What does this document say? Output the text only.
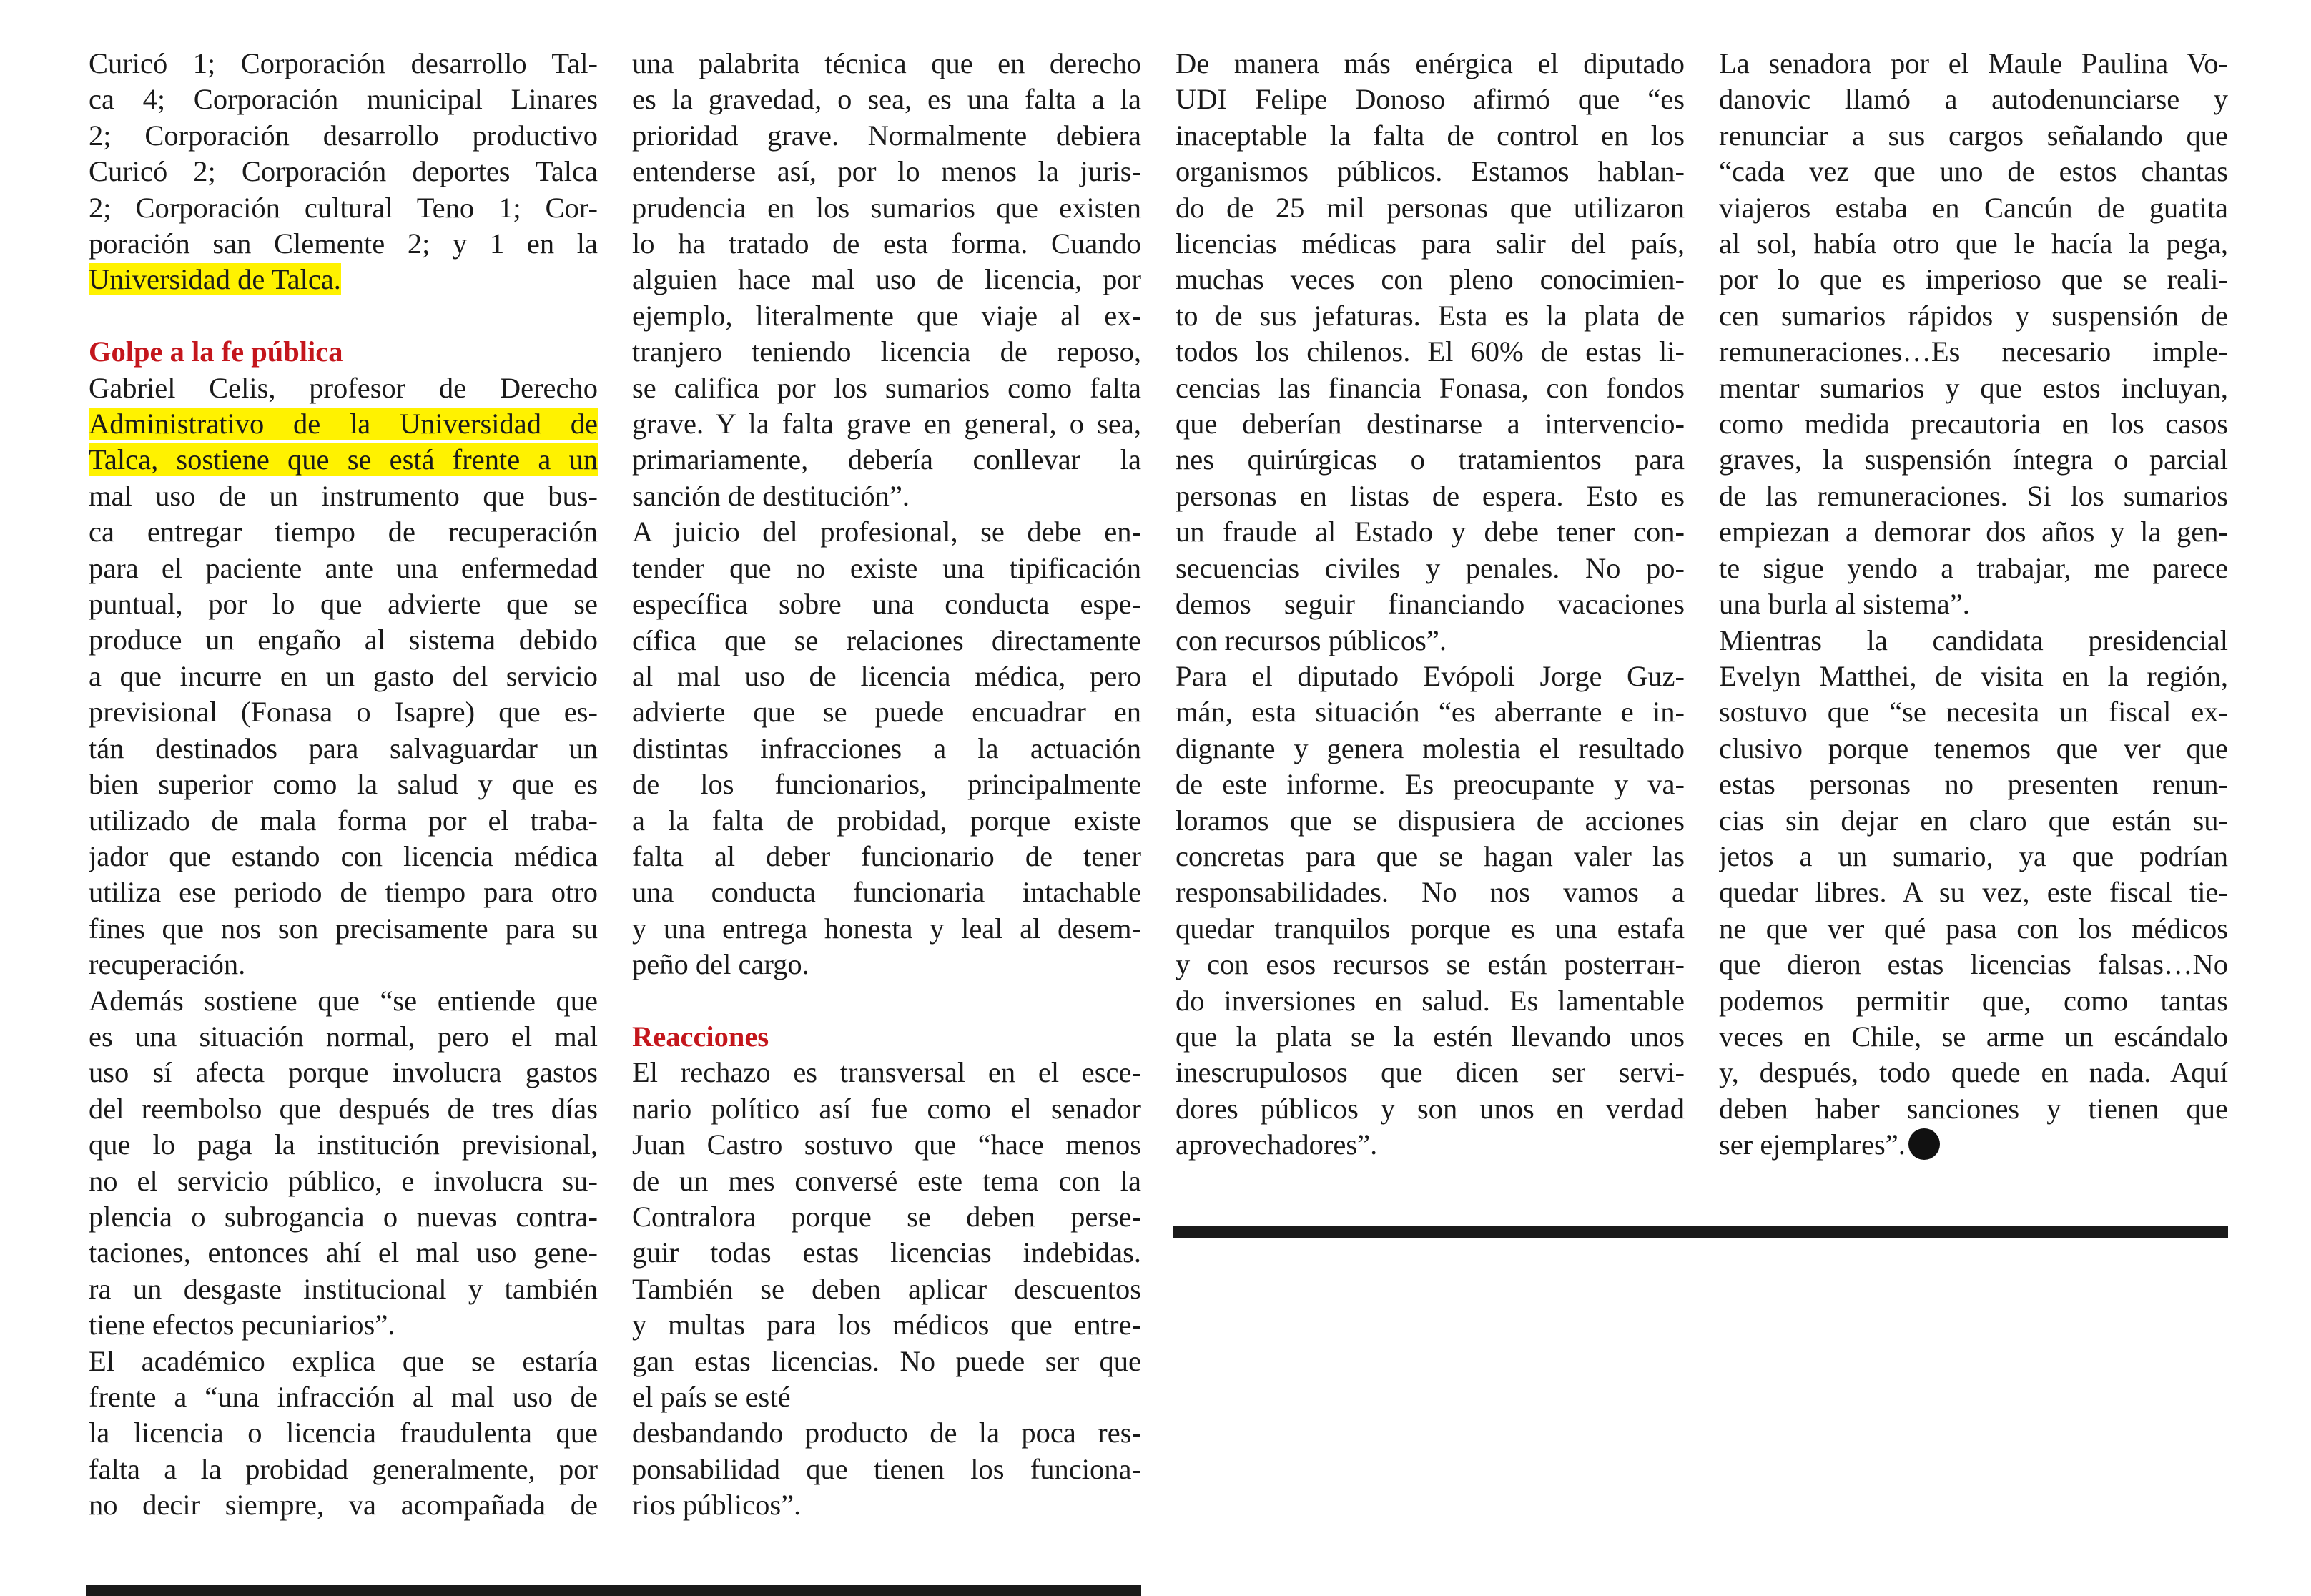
Curicó 1; Corporación desarrollo Tal-
ca 4; Corporación municipal Linares
2; Corporación desarrollo productivo
Curicó 2; Corporación deportes Talca
2; Corporación cultural Teno 1; Cor-
poración san Clemente 2; y 1 en la
Universidad de Talca.

Golpe a la fe pública

Gabriel Celis, profesor de Derecho
Administrativo de la Universidad de
Talca, sostiene que se está frente a un
mal uso de un instrumento que bus-
ca entregar tiempo de recuperación
para el paciente ante una enfermedad
puntual, por lo que advierte que se
produce un engaño al sistema debido
a que incurre en un gasto del servicio
previsional (Fonasa o Isapre) que es-
tán destinados para salvaguardar un
bien superior como la salud y que es
utilizado de mala forma por el traba-
jador que estando con licencia médica
utiliza ese periodo de tiempo para otro
fines que nos son precisamente para su
recuperación.

Además sostiene que “se entiende que
es una situación normal, pero el mal
uso sí afecta porque involucra gastos
del reembolso que después de tres días
que lo paga la institución previsional,
no el servicio público, e involucra su-
plencia o subrogancia o nuevas contra-
taciones, entonces ahí el mal uso gene-
ra un desgaste institucional y también
tiene efectos pecuniarios”.

El académico explica que se estaría
frente a “una infracción al mal uso de
la licencia o licencia fraudulenta que
falta a la probidad generalmente, por
no decir siempre, va acompañada de

una palabrita técnica que en derecho
es la gravedad, o sea, es una falta a la
prioridad grave. Normalmente debiera
entenderse así, por lo menos la juris-
prudencia en los sumarios que existen
lo ha tratado de esta forma. Cuando
alguien hace mal uso de licencia, por
ejemplo, literalmente que viaje al ex-
tranjero teniendo licencia de reposo,
se califica por los sumarios como falta
grave. Y la falta grave en general, o sea,
primariamente, debería conllevar la
sanción de destitución”.

A juicio del profesional, se debe en-
tender que no existe una tipificación
específica sobre una conducta espe-
cífica que se relaciones directamente
al mal uso de licencia médica, pero
advierte que se puede encuadrar en
distintas infracciones a la actuación
de los funcionarios, principalmente
a la falta de probidad, porque existe
falta al deber funcionario de tener
una conducta funcionaria intachable
y una entrega honesta y leal al desem-
peño del cargo.

Reacciones

El rechazo es transversal en el esce-
nario político así fue como el senador
Juan Castro sostuvo que “hace menos
de un mes conversé este tema con la
Contralora porque se deben perse-
guir todas estas licencias indebidas.
También se deben aplicar descuentos
y multas para los médicos que entre-
gan estas licencias. No puede ser que
el país se esté

desbandando producto de la poca res-
ponsabilidad que tienen los funciona-
rios públicos”.

De manera más enérgica el diputado
UDI Felipe Donoso afirmó que “es
inaceptable la falta de control en los
organismos públicos. Estamos hablan-
do de 25 mil personas que utilizaron
licencias médicas para salir del país,
muchas veces con pleno conocimien-
to de sus jefaturas. Esta es la plata de
todos los chilenos. El 60% de estas li-
cencias las financia Fonasa, con fondos
que deberían destinarse a intervencio-
nes quirúrgicas o tratamientos para
personas en listas de espera. Esto es
un fraude al Estado y debe tener con-
secuencias civiles y penales. No po-
demos seguir financiando vacaciones
con recursos públicos”.

Para el diputado Evópoli Jorge Guz-
mán, esta situación “es aberrante e in-
dignante y genera molestia el resultado
de este informe. Es preocupante y va-
loramos que se dispusiera de acciones
concretas para que se hagan valer las
responsabilidades. No nos vamos a
quedar tranquilos porque es una estafa
y con esos recursos se están posterган-
do inversiones en salud. Es lamentable
que la plata se la estén llevando unos
inescrupulosos que dicen ser servi-
dores públicos y son unos en verdad
aprovechadores”.

La senadora por el Maule Paulina Vo-
danovic llamó a autodenunciarse y
renunciar a sus cargos señalando que
“cada vez que uno de estos chantas
viajeros estaba en Cancún de guatita
al sol, había otro que le hacía la pega,
por lo que es imperioso que se reali-
cen sumarios rápidos y suspensión de
remuneraciones…Es necesario imple-
mentar sumarios y que estos incluyan,
como medida precautoria en los casos
graves, la suspensión íntegra o parcial
de las remuneraciones. Si los sumarios
empiezan a demorar dos años y la gen-
te sigue yendo a trabajar, me parece
una burla al sistema”.

Mientras la candidata presidencial
Evelyn Matthei, de visita en la región,
sostuvo que “se necesita un fiscal ex-
clusivo porque tenemos que ver que
estas personas no presenten renun-
cias sin dejar en claro que están su-
jetos a un sumario, ya que podrían
quedar libres. A su vez, este fiscal tie-
ne que ver qué pasa con los médicos
que dieron estas licencias falsas…No
podemos permitir que, como tantas
veces en Chile, se arme un escándalo
y, después, todo quede en nada. Aquí
deben haber sanciones y tienen que
ser ejemplares”.
